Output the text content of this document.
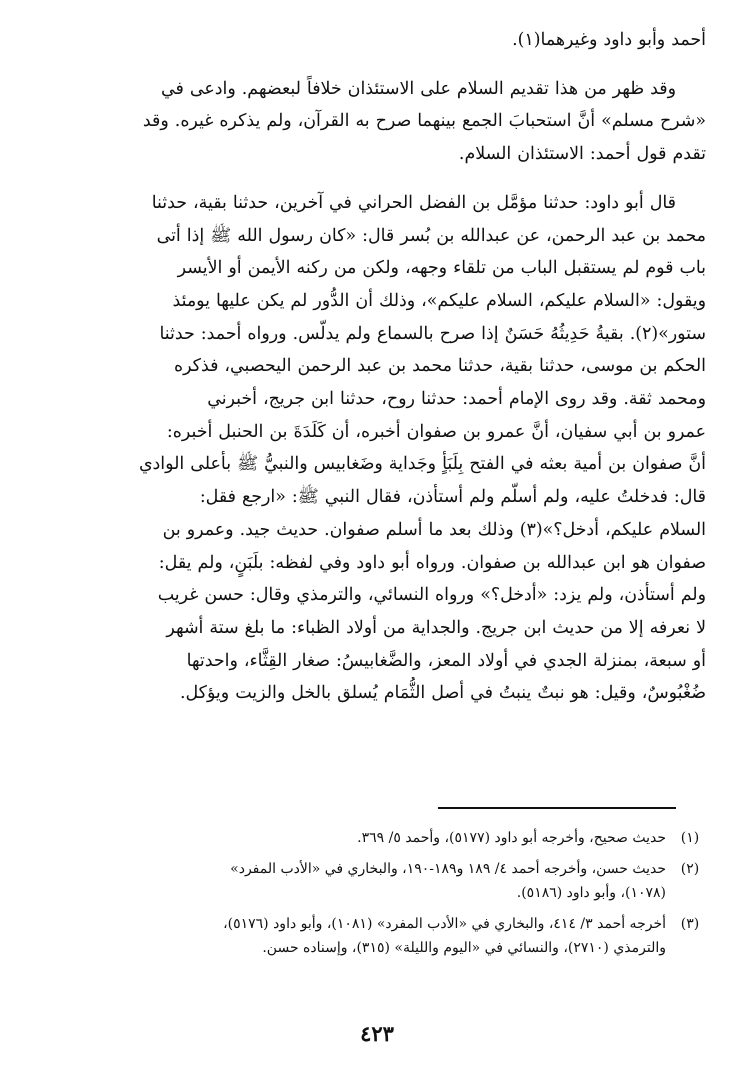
أحمد وأبو داود وغيرهما(١).
وقد ظهر من هذا تقديم السلام على الاستئذان خلافاً لبعضهم. وادعى في
«شرح مسلم» أنَّ استحبابَ الجمع بينهما صرح به القرآن، ولم يذكره غيره. وقد
تقدم قول أحمد: الاستئذان السلام.
قال أبو داود: حدثنا مؤمَّل بن الفضل الحراني في آخرين، حدثنا بقية، حدثنا
محمد بن عبد الرحمن، عن عبدالله بن بُسر قال: «كان رسول الله ﷺ إذا أتى
باب قوم لم يستقبل الباب من تلقاء وجهه، ولكن من ركنه الأيمن أو الأيسر
ويقول: «السلام عليكم، السلام عليكم»، وذلك أن الدُّور لم يكن عليها يومئذ
ستور»(٢). بقيةُ حَدِيثُهُ حَسَنٌ إذا صرح بالسماع ولم يدلّس. ورواه أحمد: حدثنا
الحكم بن موسى، حدثنا بقية، حدثنا محمد بن عبد الرحمن اليحصبي، فذكره
ومحمد ثقة. وقد روى الإمام أحمد: حدثنا روح، حدثنا ابن جريج، أخبرني
عمرو بن أبي سفيان، أنَّ عمرو بن صفوان أخبره، أن كَلَدَةَ بن الحنبل أخبره:
أنَّ صفوان بن أمية بعثه في الفتح بِلَبَأٍ وجَداية وضَغابيس والنبيُّ ﷺ بأعلى الوادي
قال: فدخلتُ عليه، ولم أسلّم ولم أستأذن، فقال النبي ﷺ: «ارجع فقل:
السلام عليكم، أدخل؟»(٣) وذلك بعد ما أسلم صفوان. حديث جيد. وعمرو بن
صفوان هو ابن عبدالله بن صفوان. ورواه أبو داود وفي لفظه: بلَبَنٍ، ولم يقل:
ولم أستأذن، ولم يزد: «أدخل؟» ورواه النسائي، والترمذي وقال: حسن غريب
لا نعرفه إلا من حديث ابن جريج. والجداية من أولاد الظباء: ما بلغ ستة أشهر
أو سبعة، بمنزلة الجدي في أولاد المعز، والضَّغابيسُ: صغار القِثَّاء، واحدتها
ضُغْبُوسٌ، وقيل: هو نبتٌ ينبتُ في أصل الثُّمَام يُسلق بالخل والزيت ويؤكل.
(١)
حديث صحيح، وأخرجه أبو داود (٥١٧٧)، وأحمد ٥/ ٣٦٩.
(٢)
حديث حسن، وأخرجه أحمد ٤/ ١٨٩ و١٨٩-١٩٠، والبخاري في «الأدب المفرد»
(١٠٧٨)، وأبو داود (٥١٨٦).
(٣)
أخرجه أحمد ٣/ ٤١٤، والبخاري في «الأدب المفرد» (١٠٨١)، وأبو داود (٥١٧٦)،
والترمذي (٢٧١٠)، والنسائي في «اليوم والليلة» (٣١٥)، وإسناده حسن.
٤٢٣
